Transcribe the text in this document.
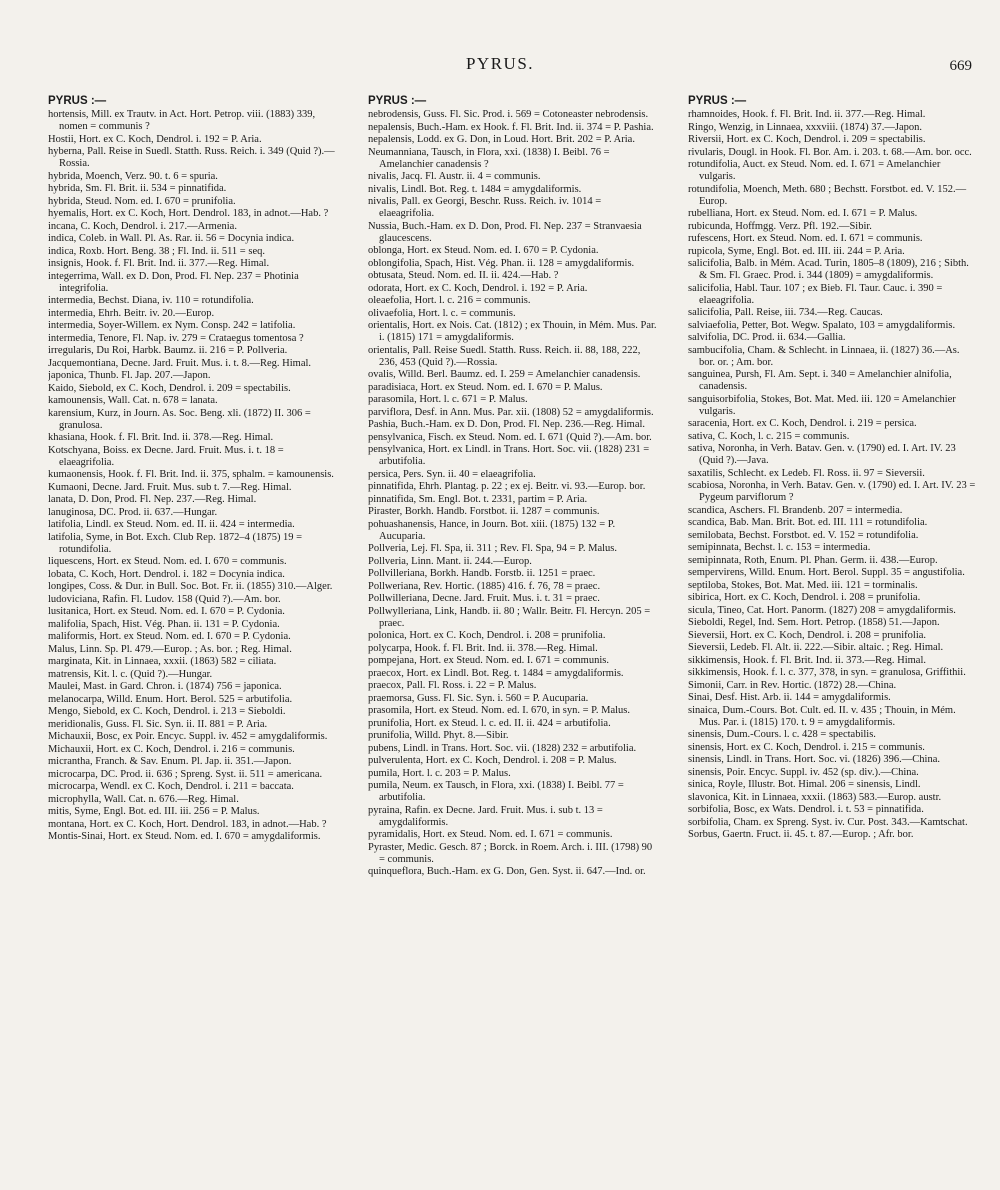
PYRUS.	669
PYRUS :—
hortensis, Mill. ex Trautv. in Act. Hort. Petrop. viii. (1883) 339, nomen = communis ?
Hostii, Hort. ex C. Koch, Dendrol. i. 192 = P. Aria.
hyberna, Pall. Reise in Suedl. Statth. Russ. Reich. i. 349 (Quid ?).—Rossia.
hybrida, Moench, Verz. 90. t. 6 = spuria.
hybrida, Sm. Fl. Brit. ii. 534 = pinnatifida.
hybrida, Steud. Nom. ed. I. 670 = prunifolia.
hyemalis, Hort. ex C. Koch, Hort. Dendrol. 183, in adnot.—Hab. ?
incana, C. Koch, Dendrol. i. 217.—Armenia.
indica, Coleb. in Wall. Pl. As. Rar. ii. 56 = Docynia indica.
indica, Roxb. Hort. Beng. 38 ; Fl. Ind. ii. 511 = seq.
insignis, Hook. f. Fl. Brit. Ind. ii. 377.—Reg. Himal.
integerrima, Wall. ex D. Don, Prod. Fl. Nep. 237 = Photinia integrifolia.
intermedia, Bechst. Diana, iv. 110 = rotundifolia.
intermedia, Ehrh. Beitr. iv. 20.—Europ.
intermedia, Soyer-Willem. ex Nym. Consp. 242 = latifolia.
intermedia, Tenore, Fl. Nap. iv. 279 = Crataegus tomentosa ?
irregularis, Du Roi, Harbk. Baumz. ii. 216 = P. Pollveria.
Jacquemontiana, Decne. Jard. Fruit. Mus. i. t. 8.—Reg. Himal.
japonica, Thunb. Fl. Jap. 207.—Japon.
Kaido, Siebold, ex C. Koch, Dendrol. i. 209 = spectabilis.
kamounensis, Wall. Cat. n. 678 = lanata.
karensium, Kurz, in Journ. As. Soc. Beng. xli. (1872) II. 306 = granulosa.
khasiana, Hook. f. Fl. Brit. Ind. ii. 378.—Reg. Himal.
Kotschyana, Boiss. ex Decne. Jard. Fruit. Mus. i. t. 18 = elaeagrifolia.
kumaonensis, Hook. f. Fl. Brit. Ind. ii. 375, sphalm. = kamounensis.
Kumaoni, Decne. Jard. Fruit. Mus. sub t. 7.—Reg. Himal.
lanata, D. Don, Prod. Fl. Nep. 237.—Reg. Himal.
lanuginosa, DC. Prod. ii. 637.—Hungar.
latifolia, Lindl. ex Steud. Nom. ed. II. ii. 424 = intermedia.
latifolia, Syme, in Bot. Exch. Club Rep. 1872–4 (1875) 19 = rotundifolia.
liquescens, Hort. ex Steud. Nom. ed. I. 670 = communis.
lobata, C. Koch, Hort. Dendrol. i. 182 = Docynia indica.
longipes, Coss. & Dur. in Bull. Soc. Bot. Fr. ii. (1855) 310.—Alger.
ludoviciana, Rafin. Fl. Ludov. 158 (Quid ?).—Am. bor.
lusitanica, Hort. ex Steud. Nom. ed. I. 670 = P. Cydonia.
malifolia, Spach, Hist. Vég. Phan. ii. 131 = P. Cydonia.
maliformis, Hort. ex Steud. Nom. ed. I. 670 = P. Cydonia.
Malus, Linn. Sp. Pl. 479.—Europ. ; As. bor. ; Reg. Himal.
marginata, Kit. in Linnaea, xxxii. (1863) 582 = ciliata.
matrensis, Kit. l. c. (Quid ?).—Hungar.
Maulei, Mast. in Gard. Chron. i. (1874) 756 = japonica.
melanocarpa, Willd. Enum. Hort. Berol. 525 = arbutifolia.
Mengo, Siebold, ex C. Koch, Dendrol. i. 213 = Sieboldi.
meridionalis, Guss. Fl. Sic. Syn. ii. II. 881 = P. Aria.
Michauxii, Bosc, ex Poir. Encyc. Suppl. iv. 452 = amygdaliformis.
Michauxii, Hort. ex C. Koch, Dendrol. i. 216 = communis.
micrantha, Franch. & Sav. Enum. Pl. Jap. ii. 351.—Japon.
microcarpa, DC. Prod. ii. 636 ; Spreng. Syst. ii. 511 = americana.
microcarpa, Wendl. ex C. Koch, Dendrol. i. 211 = baccata.
microphylla, Wall. Cat. n. 676.—Reg. Himal.
mitis, Syme, Engl. Bot. ed. III. iii. 256 = P. Malus.
montana, Hort. ex C. Koch, Hort. Dendrol. 183, in adnot.—Hab. ?
Montis-Sinai, Hort. ex Steud. Nom. ed. I. 670 = amygdaliformis.
PYRUS :—
nebrodensis, Guss. Fl. Sic. Prod. i. 569 = Cotoneaster nebrodensis.
nepalensis, Buch.-Ham. ex Hook. f. Fl. Brit. Ind. ii. 374 = P. Pashia.
nepalensis, Lodd. ex G. Don, in Loud. Hort. Brit. 202 = P. Aria.
Neumanniana, Tausch, in Flora, xxi. (1838) I. Beibl. 76 = Amelanchier canadensis ?
nivalis, Jacq. Fl. Austr. ii. 4 = communis.
nivalis, Lindl. Bot. Reg. t. 1484 = amygdaliformis.
nivalis, Pall. ex Georgi, Beschr. Russ. Reich. iv. 1014 = elaeagrifolia.
Nussia, Buch.-Ham. ex D. Don, Prod. Fl. Nep. 237 = Stranvaesia glaucescens.
oblonga, Hort. ex Steud. Nom. ed. I. 670 = P. Cydonia.
oblongifolia, Spach, Hist. Vég. Phan. ii. 128 = amygdaliformis.
obtusata, Steud. Nom. ed. II. ii. 424.—Hab. ?
odorata, Hort. ex C. Koch, Dendrol. i. 192 = P. Aria.
oleaefolia, Hort. l. c. 216 = communis.
olivaefolia, Hort. l. c. = communis.
orientalis, Hort. ex Nois. Cat. (1812) ; ex Thouin, in Mém. Mus. Par. i. (1815) 171 = amygdaliformis.
orientalis, Pall. Reise Suedl. Statth. Russ. Reich. ii. 88, 188, 222, 236, 453 (Quid ?).—Rossia.
ovalis, Willd. Berl. Baumz. ed. I. 259 = Amelanchier canadensis.
paradisiaca, Hort. ex Steud. Nom. ed. I. 670 = P. Malus.
parasomila, Hort. l. c. 671 = P. Malus.
parviflora, Desf. in Ann. Mus. Par. xii. (1808) 52 = amygdaliformis.
Pashia, Buch.-Ham. ex D. Don, Prod. Fl. Nep. 236.—Reg. Himal.
pensylvanica, Fisch. ex Steud. Nom. ed. I. 671 (Quid ?).—Am. bor.
pensylvanica, Hort. ex Lindl. in Trans. Hort. Soc. vii. (1828) 231 = arbutifolia.
persica, Pers. Syn. ii. 40 = elaeagrifolia.
pinnatifida, Ehrh. Plantag. p. 22 ; ex ej. Beitr. vi. 93.—Europ. bor.
pinnatifida, Sm. Engl. Bot. t. 2331, partim = P. Aria.
Piraster, Borkh. Handb. Forstbot. ii. 1287 = communis.
pohuashanensis, Hance, in Journ. Bot. xiii. (1875) 132 = P. Aucuparia.
Pollveria, Lej. Fl. Spa, ii. 311 ; Rev. Fl. Spa, 94 = P. Malus.
Pollveria, Linn. Mant. ii. 244.—Europ.
Pollvilleriana, Borkh. Handb. Forstb. ii. 1251 = praec.
Pollweriana, Rev. Hortic. (1885) 416. f. 76, 78 = praec.
Pollwilleriana, Decne. Jard. Fruit. Mus. i. t. 31 = praec.
Pollwylleriana, Link, Handb. ii. 80 ; Wallr. Beitr. Fl. Hercyn. 205 = praec.
polonica, Hort. ex C. Koch, Dendrol. i. 208 = prunifolia.
polycarpa, Hook. f. Fl. Brit. Ind. ii. 378.—Reg. Himal.
pompejana, Hort. ex Steud. Nom. ed. I. 671 = communis.
praecox, Hort. ex Lindl. Bot. Reg. t. 1484 = amygdaliformis.
praecox, Pall. Fl. Ross. i. 22 = P. Malus.
praemorsa, Guss. Fl. Sic. Syn. i. 560 = P. Aucuparia.
prasomila, Hort. ex Steud. Nom. ed. I. 670, in syn. = P. Malus.
prunifolia, Hort. ex Steud. l. c. ed. II. ii. 424 = arbutifolia.
prunifolia, Willd. Phyt. 8.—Sibir.
pubens, Lindl. in Trans. Hort. Soc. vii. (1828) 232 = arbutifolia.
pulverulenta, Hort. ex C. Koch, Dendrol. i. 208 = P. Malus.
pumila, Hort. l. c. 203 = P. Malus.
pumila, Neum. ex Tausch, in Flora, xxi. (1838) I. Beibl. 77 = arbutifolia.
pyraina, Rafin. ex Decne. Jard. Fruit. Mus. i. sub t. 13 = amygdaliformis.
pyramidalis, Hort. ex Steud. Nom. ed. I. 671 = communis.
Pyraster, Medic. Gesch. 87 ; Borck. in Roem. Arch. i. III. (1798) 90 = communis.
quinqueflora, Buch.-Ham. ex G. Don, Gen. Syst. ii. 647.—Ind. or.
PYRUS :—
rhamnoides, Hook. f. Fl. Brit. Ind. ii. 377.—Reg. Himal.
Ringo, Wenzig, in Linnaea, xxxviii. (1874) 37.—Japon.
Riversii, Hort. ex C. Koch, Dendrol. i. 209 = spectabilis.
rivularis, Dougl. in Hook. Fl. Bor. Am. i. 203. t. 68.—Am. bor. occ.
rotundifolia, Auct. ex Steud. Nom. ed. I. 671 = Amelanchier vulgaris.
rotundifolia, Moench, Meth. 680 ; Bechstt. Forstbot. ed. V. 152.—Europ.
rubelliana, Hort. ex Steud. Nom. ed. I. 671 = P. Malus.
rubicunda, Hoffmgg. Verz. Pfl. 192.—Sibir.
rufescens, Hort. ex Steud. Nom. ed. I. 671 = communis.
rupicola, Syme, Engl. Bot. ed. III. iii. 244 = P. Aria.
salicifolia, Balb. in Mém. Acad. Turin, 1805–8 (1809), 216 ; Sibth. & Sm. Fl. Graec. Prod. i. 344 (1809) = amygdaliformis.
salicifolia, Habl. Taur. 107 ; ex Bieb. Fl. Taur. Cauc. i. 390 = elaeagrifolia.
salicifolia, Pall. Reise, iii. 734.—Reg. Caucas.
salviaefolia, Petter, Bot. Wegw. Spalato, 103 = amygdaliformis.
salvifolia, DC. Prod. ii. 634.—Gallia.
sambucifolia, Cham. & Schlecht. in Linnaea, ii. (1827) 36.—As. bor. or. ; Am. bor.
sanguinea, Pursh, Fl. Am. Sept. i. 340 = Amelanchier alnifolia, canadensis.
sanguisorbifolia, Stokes, Bot. Mat. Med. iii. 120 = Amelanchier vulgaris.
saracenia, Hort. ex C. Koch, Dendrol. i. 219 = persica.
sativa, C. Koch, l. c. 215 = communis.
sativa, Noronha, in Verh. Batav. Gen. v. (1790) ed. I. Art. IV. 23 (Quid ?).—Java.
saxatilis, Schlecht. ex Ledeb. Fl. Ross. ii. 97 = Sieversii.
scabiosa, Noronha, in Verh. Batav. Gen. v. (1790) ed. I. Art. IV. 23 = Pygeum parviflorum ?
scandica, Aschers. Fl. Brandenb. 207 = intermedia.
scandica, Bab. Man. Brit. Bot. ed. III. 111 = rotundifolia.
semilobata, Bechst. Forstbot. ed. V. 152 = rotundifolia.
semipinnata, Bechst. l. c. 153 = intermedia.
semipinnata, Roth, Enum. Pl. Phan. Germ. ii. 438.—Europ.
sempervirens, Willd. Enum. Hort. Berol. Suppl. 35 = angustifolia.
septiloba, Stokes, Bot. Mat. Med. iii. 121 = torminalis.
sibirica, Hort. ex C. Koch, Dendrol. i. 208 = prunifolia.
sicula, Tineo, Cat. Hort. Panorm. (1827) 208 = amygdaliformis.
Sieboldi, Regel, Ind. Sem. Hort. Petrop. (1858) 51.—Japon.
Sieversii, Hort. ex C. Koch, Dendrol. i. 208 = prunifolia.
Sieversii, Ledeb. Fl. Alt. ii. 222.—Sibir. altaic. ; Reg. Himal.
sikkimensis, Hook. f. Fl. Brit. Ind. ii. 373.—Reg. Himal.
sikkimensis, Hook. f. l. c. 377, 378, in syn. = granulosa, Griffithii.
Simonii, Carr. in Rev. Hortic. (1872) 28.—China.
Sinai, Desf. Hist. Arb. ii. 144 = amygdaliformis.
sinaica, Dum.-Cours. Bot. Cult. ed. II. v. 435 ; Thouin, in Mém. Mus. Par. i. (1815) 170. t. 9 = amygdaliformis.
sinensis, Dum.-Cours. l. c. 428 = spectabilis.
sinensis, Hort. ex C. Koch, Dendrol. i. 215 = communis.
sinensis, Lindl. in Trans. Hort. Soc. vi. (1826) 396.—China.
sinensis, Poir. Encyc. Suppl. iv. 452 (sp. div.).—China.
sinica, Royle, Illustr. Bot. Himal. 206 = sinensis, Lindl.
slavonica, Kit. in Linnaea, xxxii. (1863) 583.—Europ. austr.
sorbifolia, Bosc, ex Wats. Dendrol. i. t. 53 = pinnatifida.
sorbifolia, Cham. ex Spreng. Syst. iv. Cur. Post. 343.—Kamtschat.
Sorbus, Gaertn. Fruct. ii. 45. t. 87.—Europ. ; Afr. bor.
